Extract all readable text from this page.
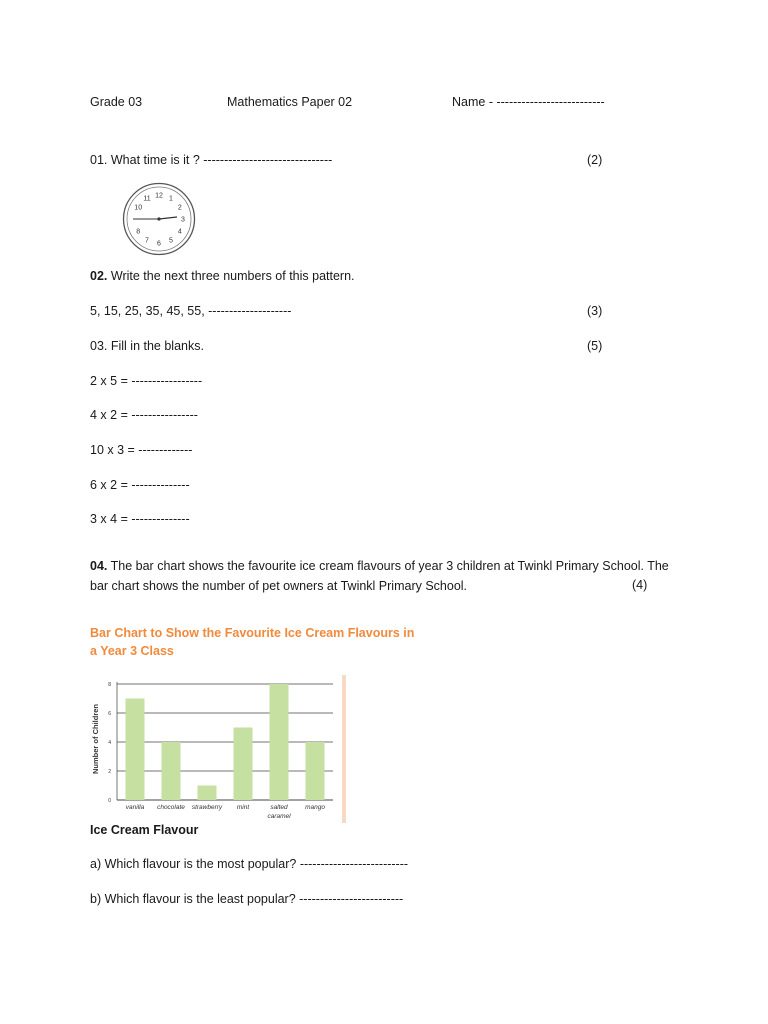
Grade 03	Mathematics Paper 02	Name - --------------------------
01. What time is it ? -------------------------------	(2)
12 1
2
3
4
5
6
7
8
10
11
02. Write the next three numbers of this pattern.
5, 15, 25, 35, 45, 55, --------------------	(3)
03. Fill in the blanks.	(5)
2 x 5 = -----------------
4 x 2 = ----------------
10 x 3 = -------------
6 x 2 = --------------
3 x 4 = --------------
04. The bar chart shows the favourite ice cream flavours of year 3 children at Twinkl Primary School. The
bar chart shows the number of pet owners at Twinkl Primary School.	(4)
Bar Chart to Show the Favourite Ice Cream Flavours in
a Year 3 Class
Number of Children
0
2
4
6
8
vanilla chocolate strawberry mint	salted
caramel
mango
Ice Cream Flavour
a) Which flavour is the most popular? --------------------------
b) Which flavour is the least popular? -------------------------
